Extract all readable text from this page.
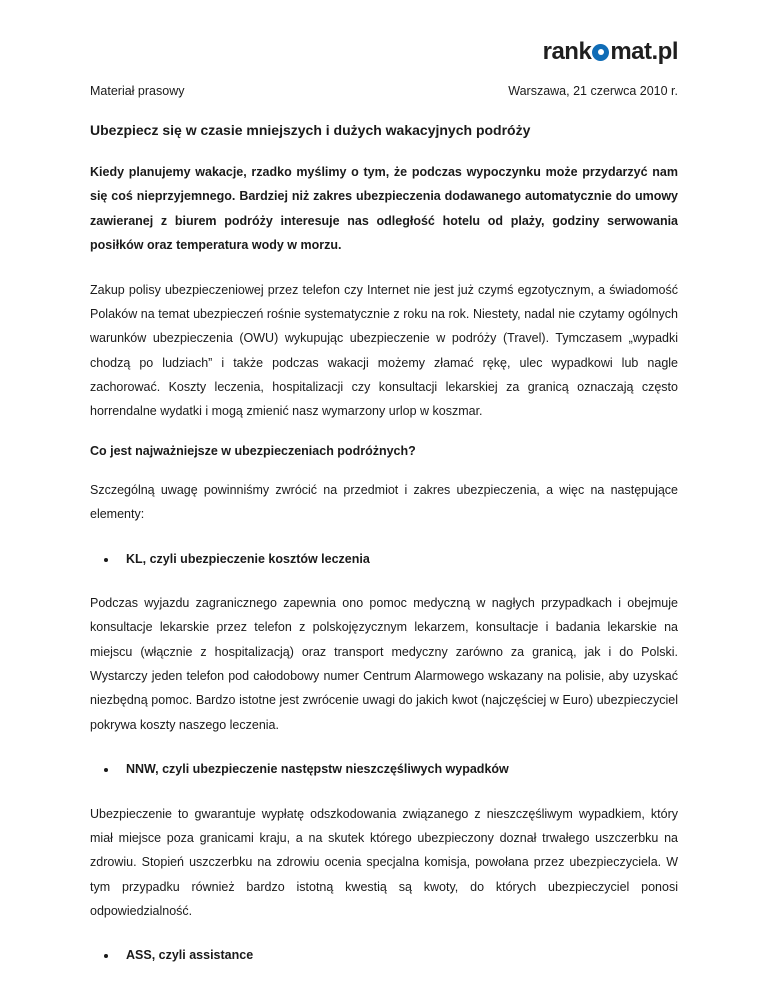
rank mat.pl
Materiał prasowy	Warszawa, 21 czerwca 2010 r.
Ubezpiecz się w czasie mniejszych i dużych wakacyjnych podróży

Kiedy planujemy wakacje, rzadko myślimy o tym, że podczas wypoczynku może przydarzyć nam się coś nieprzyjemnego. Bardziej niż zakres ubezpieczenia dodawanego automatycznie do umowy zawieranej z biurem podróży interesuje nas odległość hotelu od plaży, godziny serwowania posiłków oraz temperatura wody w morzu.

Zakup polisy ubezpieczeniowej przez telefon czy Internet nie jest już czymś egzotycznym, a świadomość Polaków na temat ubezpieczeń rośnie systematycznie z roku na rok. Niestety, nadal nie czytamy ogólnych warunków ubezpieczenia (OWU) wykupując ubezpieczenie w podróży (Travel). Tymczasem „wypadki chodzą po ludziach” i także podczas wakacji możemy złamać rękę, ulec wypadkowi lub nagle zachorować. Koszty leczenia, hospitalizacji czy konsultacji lekarskiej za granicą oznaczają często horrendalne wydatki i mogą zmienić nasz wymarzony urlop w koszmar.

Co jest najważniejsze w ubezpieczeniach podróżnych?

Szczególną uwagę powinniśmy zwrócić na przedmiot i zakres ubezpieczenia, a więc na następujące elementy:

• KL, czyli ubezpieczenie kosztów leczenia

Podczas wyjazdu zagranicznego zapewnia ono pomoc medyczną w nagłych przypadkach i obejmuje konsultacje lekarskie przez telefon z polskojęzycznym lekarzem, konsultacje i badania lekarskie na miejscu (włącznie z hospitalizacją) oraz transport medyczny zarówno za granicą, jak i do Polski. Wystarczy jeden telefon pod całodobowy numer Centrum Alarmowego wskazany na polisie, aby uzyskać niezbędną pomoc. Bardzo istotne jest zwrócenie uwagi do jakich kwot (najczęściej w Euro) ubezpieczyciel pokrywa koszty naszego leczenia.

• NNW, czyli ubezpieczenie następstw nieszczęśliwych wypadków

Ubezpieczenie to gwarantuje wypłatę odszkodowania związanego z nieszczęśliwym wypadkiem, który miał miejsce poza granicami kraju, a na skutek którego ubezpieczony doznał trwałego uszczerbku na zdrowiu. Stopień uszczerbku na zdrowiu ocenia specjalna komisja, powołana przez ubezpieczyciela. W tym przypadku również bardzo istotną kwestią są kwoty, do których ubezpieczyciel ponosi odpowiedzialność.

• ASS, czyli assistance
